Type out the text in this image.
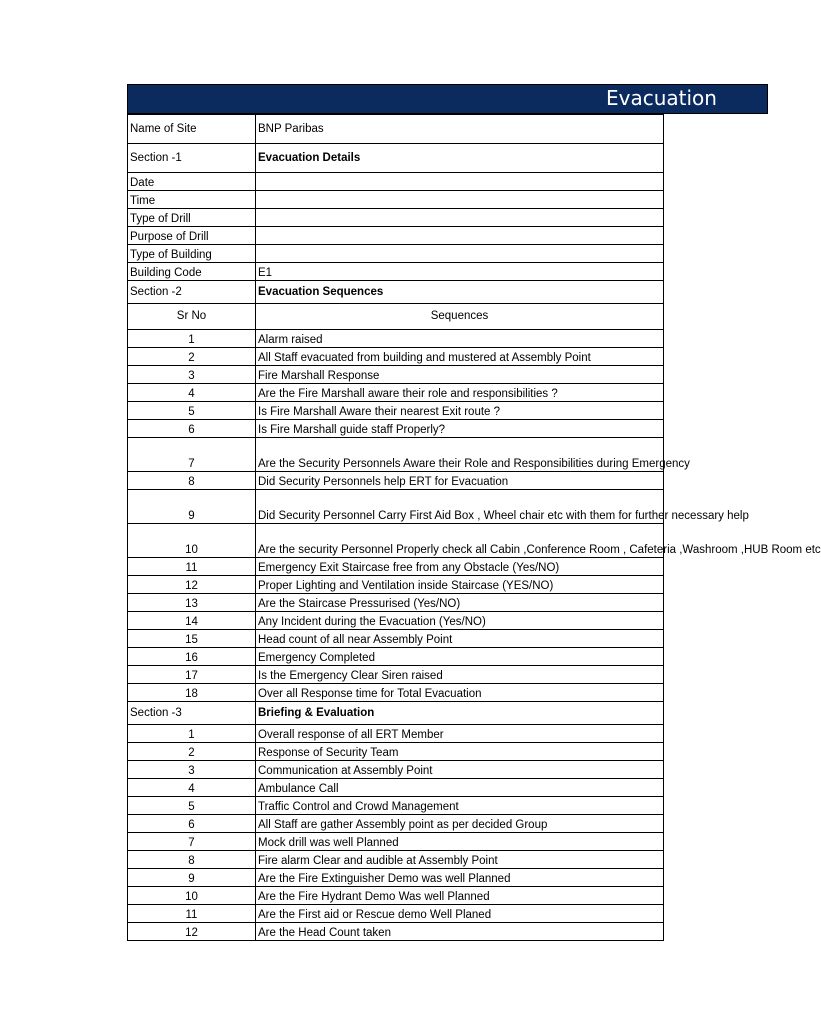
Evacuation
Name of Site	BNP Paribas
Section -1	Evacuation Details
Date	
Time	
Type of Drill	
Purpose of Drill	
Type of Building	
Building Code	E1
Section -2	Evacuation Sequences
Sr No	Sequences
1	Alarm raised
2	All Staff evacuated from building and mustered at Assembly Point
3	Fire Marshall Response
4	Are the Fire Marshall aware their role and responsibilities ?
5	Is Fire Marshall Aware their nearest Exit route ?
6	Is Fire Marshall guide staff Properly?
7	Are the Security Personnels Aware their Role and Responsibilities during Emergency
8	Did Security Personnels help ERT for Evacuation
9	Did Security Personnel Carry First Aid Box , Wheel chair etc with them for further necessary help
10	Are the security Personnel Properly check all Cabin ,Conference Room , Cafeteria ,Washroom ,HUB Room etc
11	Emergency Exit Staircase free from any Obstacle (Yes/NO)
12	Proper Lighting and Ventilation inside Staircase (YES/NO)
13	Are the Staircase Pressurised (Yes/NO)
14	Any Incident during the Evacuation (Yes/NO)
15	Head count of all near Assembly Point
16	Emergency Completed
17	Is the Emergency Clear Siren raised
18	Over all Response time for Total Evacuation
Section -3	Briefing & Evaluation
1	Overall response of all ERT Member
2	Response of Security Team
3	Communication at Assembly Point
4	Ambulance Call
5	Traffic Control and Crowd Management
6	All Staff are gather Assembly point as per decided Group
7	Mock drill was well Planned
8	Fire alarm Clear and audible at Assembly Point
9	Are the Fire Extinguisher Demo was well Planned
10	Are the Fire Hydrant Demo Was well Planned
11	Are the First aid or Rescue demo Well Planed
12	Are the Head Count taken
